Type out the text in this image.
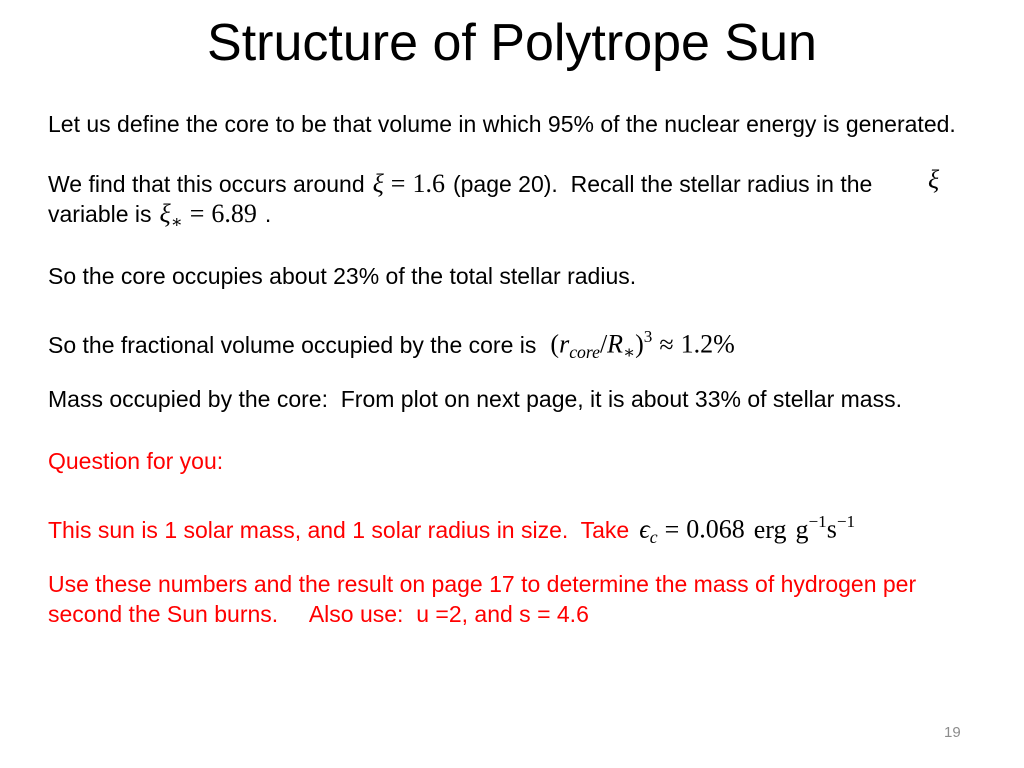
Structure of Polytrope Sun
Let us define the core to be that volume in which 95% of the nuclear energy is generated.
We find that this occurs around ξ = 1.6 (page 20).  Recall the stellar radius in the ξ
variable is $\xi_∗ = 6.89$ .
So the core occupies about 23% of the total stellar radius.
So the fractional volume occupied by the core is $(r_{core}/R_∗)^3 \approx 1.2\%$
Mass occupied by the core:  From plot on next page, it is about 33% of stellar mass.
Question for you:
This sun is 1 solar mass, and 1 solar radius in size.  Take $\epsilon_c = 0.068$ erg $g^{-1}s^{-1}$
Use these numbers and the result on page 17 to determine the mass of hydrogen per
second the Sun burns.     Also use:  u =2, and s = 4.6
19
